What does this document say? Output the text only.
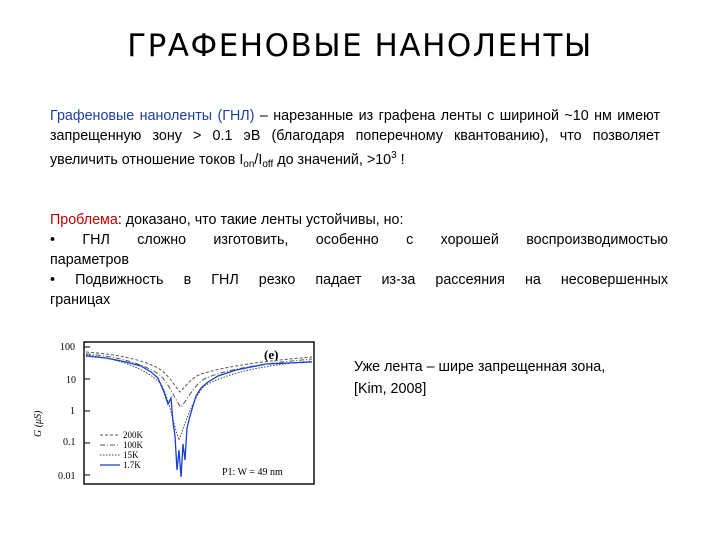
ГРАФЕНОВЫЕ НАНОЛЕНТЫ
Графеновые наноленты (ГНЛ) – нарезанные из графена ленты с шириной ~10 нм имеют запрещенную зону > 0.1 эВ (благодаря поперечному квантованию), что позволяет увеличить отношение токов $I_{on}/I_{off}$ до значений, $>10^3$ !
Проблема: доказано, что такие ленты устойчивы, но:
• ГНЛ сложно изготовить, особенно с хорошей воспроизводимостью
параметров
• Подвижность в ГНЛ резко падает из-за рассеяния на несовершенных
границах
G (μS)
100
10
1
0.1
0.01
(e)
200K
100K
15K
1.7K
P1: W = 49 nm
Уже лента – шире запрещенная зона,
[Kim, 2008]
